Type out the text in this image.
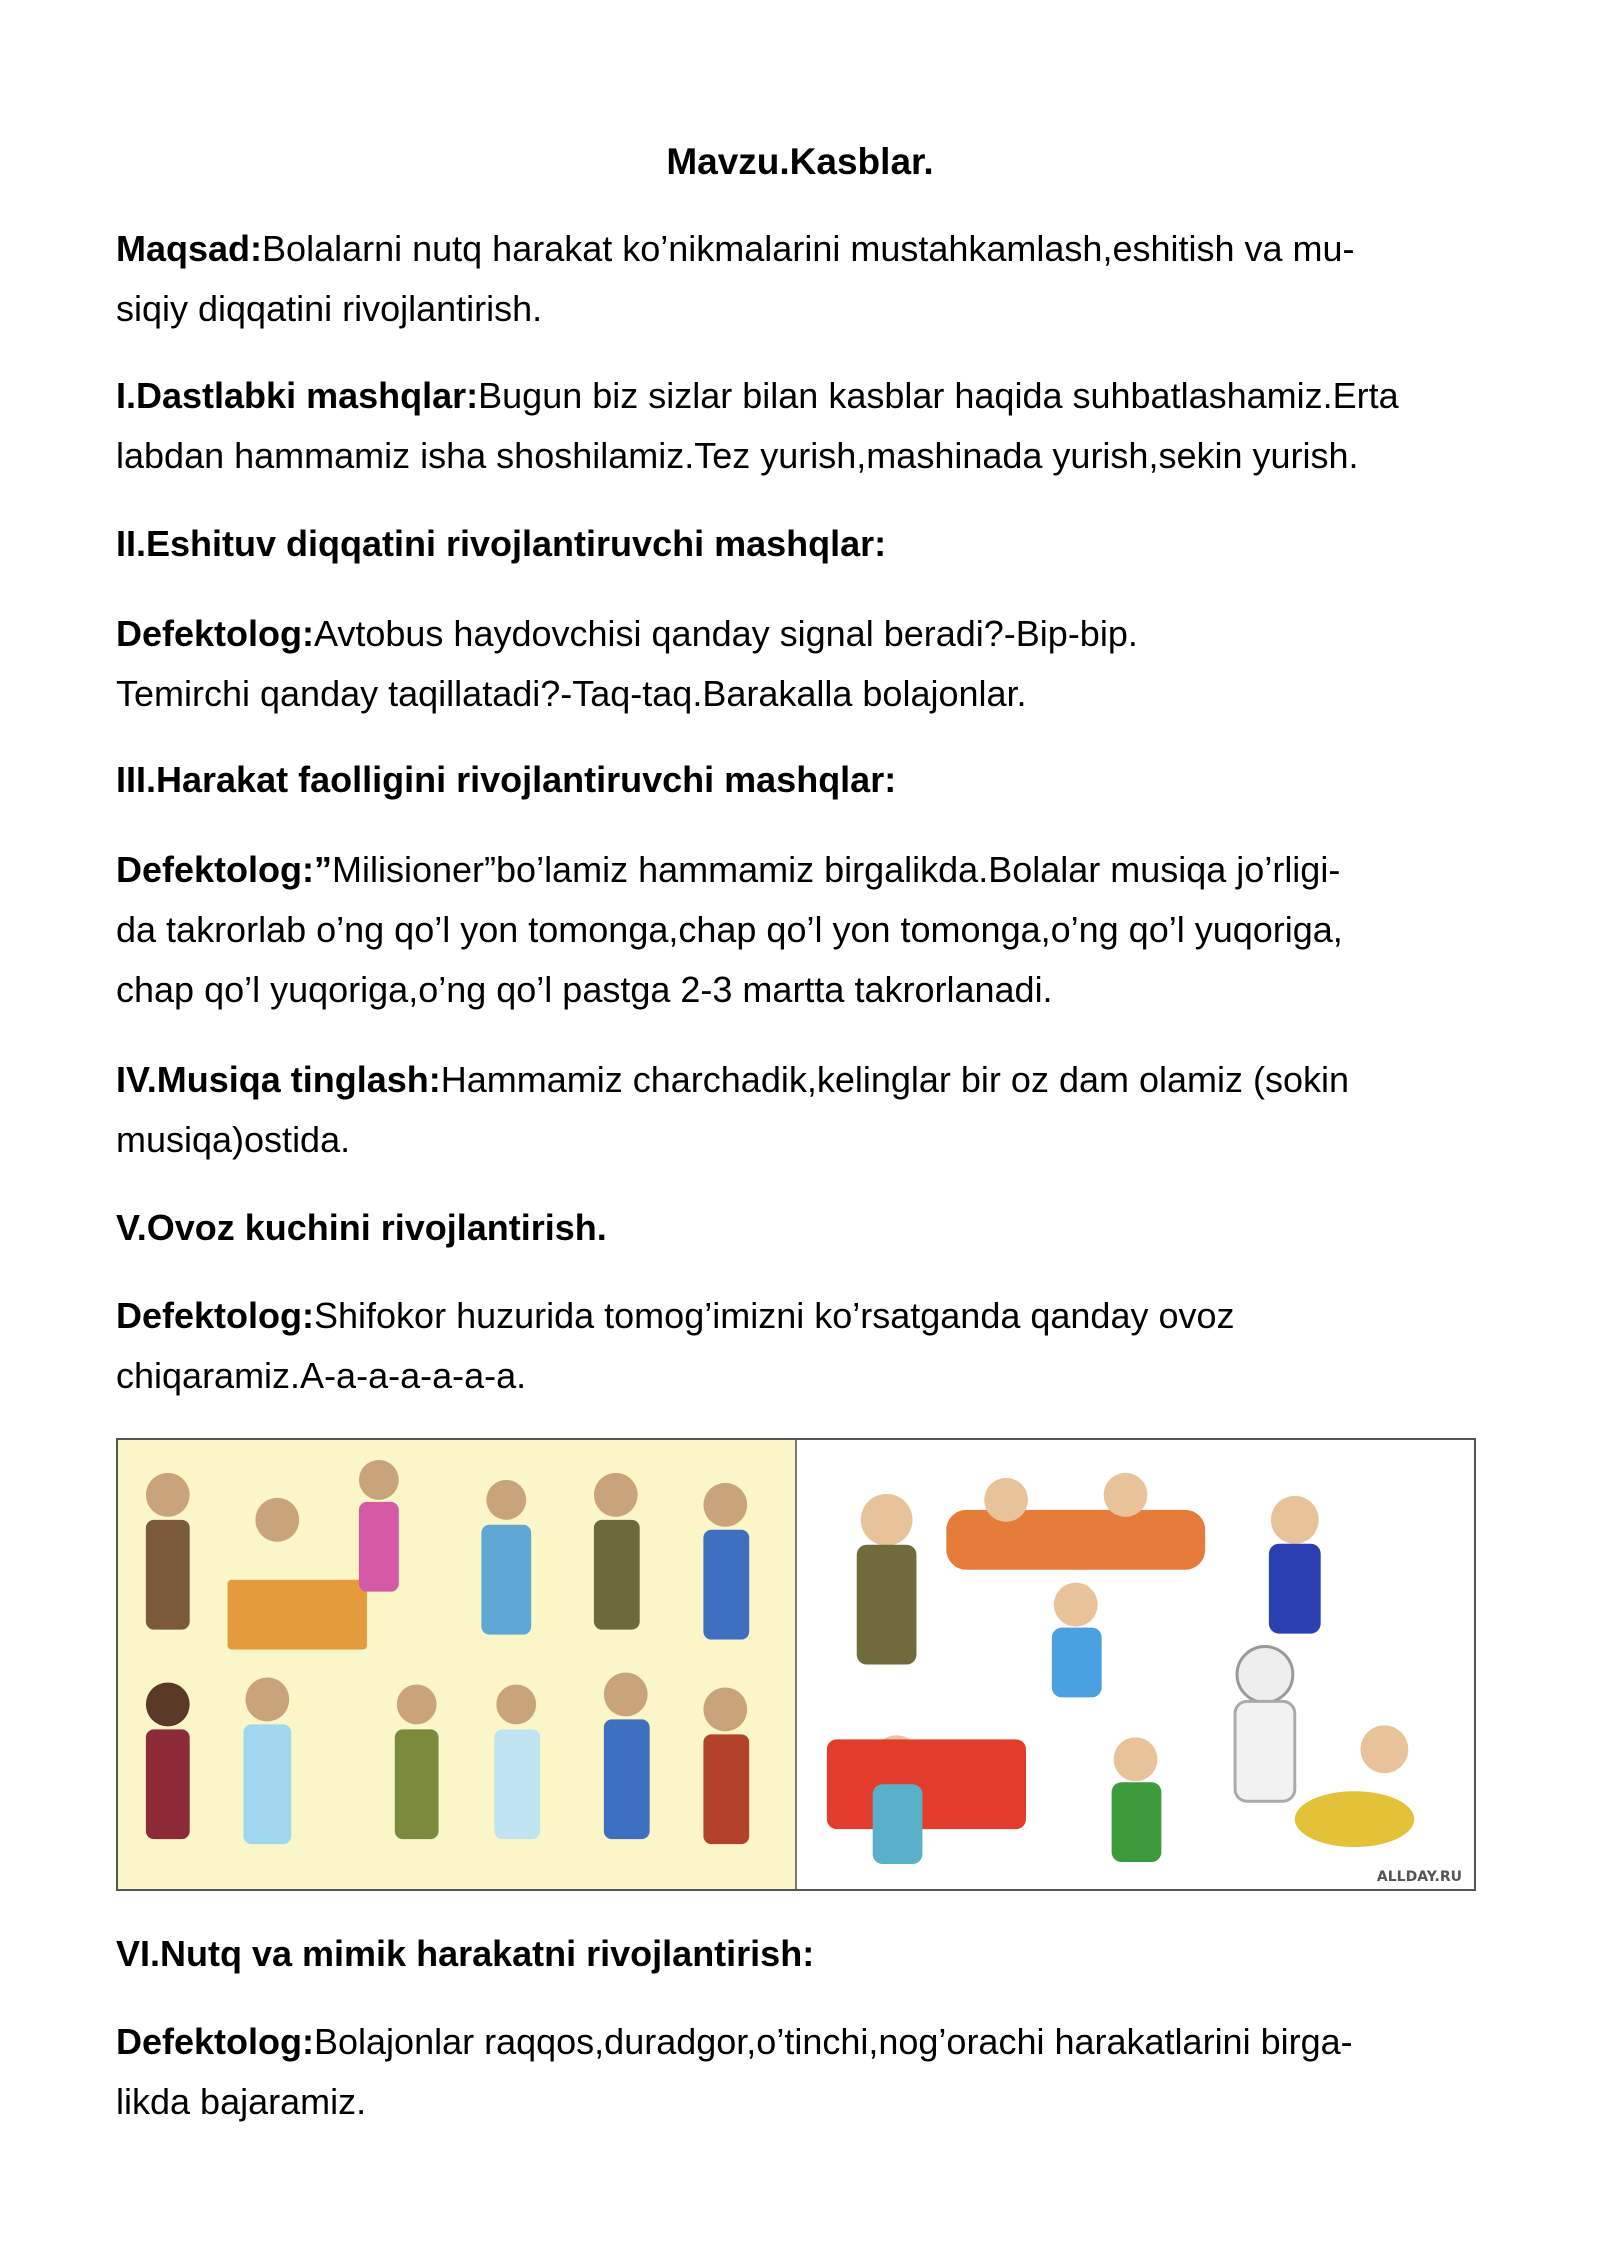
Mavzu.Kasblar.

Maqsad:Bolalarni nutq harakat ko’nikmalarini mustahkamlash,eshitish va mu-
siqiy diqqatini rivojlantirish.

I.Dastlabki mashqlar:Bugun biz sizlar bilan kasblar haqida suhbatlashamiz.Erta
labdan hammamiz isha shoshilamiz.Tez yurish,mashinada yurish,sekin yurish.

II.Eshituv diqqatini rivojlantiruvchi mashqlar:

Defektolog:Avtobus haydovchisi qanday signal beradi?-Bip-bip.
Temirchi qanday taqillatadi?-Taq-taq.Barakalla bolajonlar.

III.Harakat faolligini rivojlantiruvchi mashqlar:

Defektolog:”Milisioner”bo’lamiz hammamiz birgalikda.Bolalar musiqa jo’rligi-
da takrorlab o’ng qo’l yon tomonga,chap qo’l yon tomonga,o’ng qo’l yuqoriga,
chap qo’l yuqoriga,o’ng qo’l pastga 2-3 martta takrorlanadi.

IV.Musiqa tinglash:Hammamiz charchadik,kelinglar bir oz dam olamiz (sokin
musiqa)ostida.

V.Ovoz kuchini rivojlantirish.

Defektolog:Shifokor huzurida tomog’imizni ko’rsatganda qanday ovoz
chiqaramiz.A-a-a-a-a-a-a.

ALLDAY.RU

VI.Nutq va mimik harakatni rivojlantirish:

Defektolog:Bolajonlar raqqos,duradgor,o’tinchi,nog’orachi harakatlarini birga-
likda bajaramiz.
